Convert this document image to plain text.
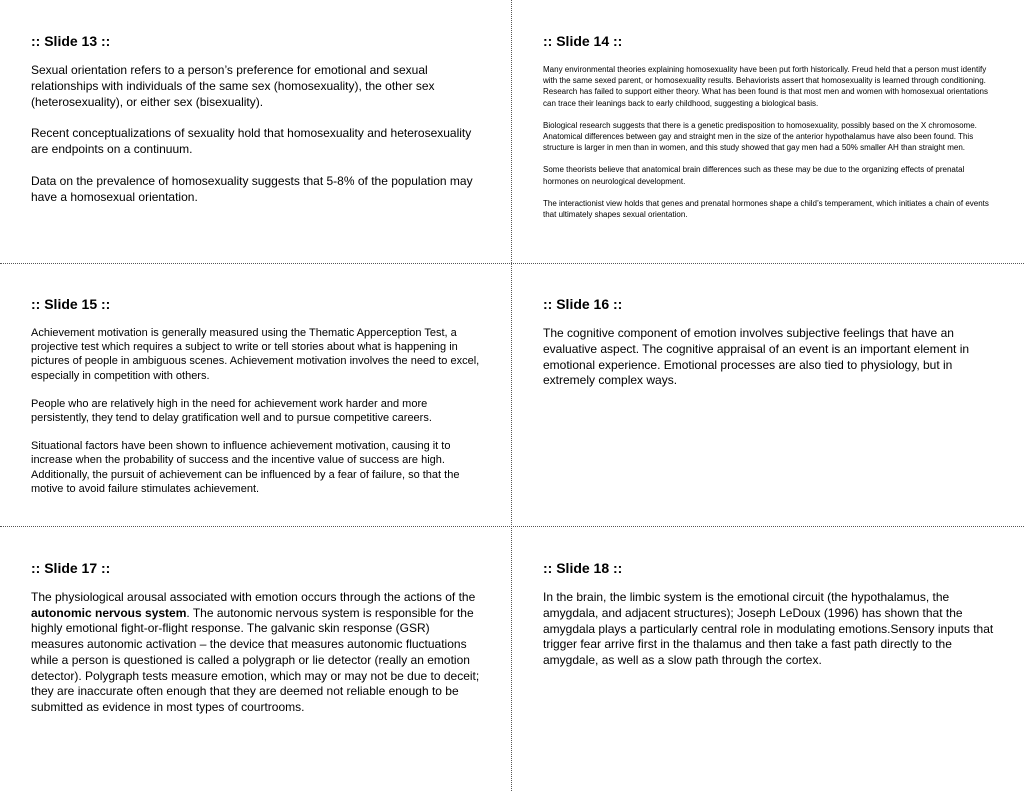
:: Slide 13 ::

Sexual orientation refers to a person’s preference for emotional and sexual relationships with individuals of the same sex (homosexuality), the other sex (heterosexuality), or either sex (bisexuality).

Recent conceptualizations of sexuality hold that homosexuality and heterosexuality are endpoints on a continuum.

Data on the prevalence of homosexuality suggests that 5-8% of the population may have a homosexual orientation.

:: Slide 14 ::

Many environmental theories explaining homosexuality have been put forth historically. Freud held that a person must identify with the same sexed parent, or homosexuality results. Behaviorists assert that homosexuality is learned through conditioning. Research has failed to support either theory. What has been found is that most men and women with homosexual orientations can trace their leanings back to early childhood, suggesting a biological basis.

Biological research suggests that there is a genetic predisposition to homosexuality, possibly based on the X chromosome. Anatomical differences between gay and straight men in the size of the anterior hypothalamus have also been found. This structure is larger in men than in women, and this study showed that gay men had a 50% smaller AH than straight men.

Some theorists believe that anatomical brain differences such as these may be due to the organizing effects of prenatal hormones on neurological development.

The interactionist view holds that genes and prenatal hormones shape a child’s temperament, which initiates a chain of events that ultimately shapes sexual orientation.

:: Slide 15 ::

Achievement motivation is generally measured using the Thematic Apperception Test, a projective test which requires a subject to write or tell stories about what is happening in pictures of people in ambiguous scenes. Achievement motivation involves the need to excel, especially in competition with others.

People who are relatively high in the need for achievement work harder and more persistently, they tend to delay gratification well and to pursue competitive careers.

Situational factors have been shown to influence achievement motivation, causing it to increase when the probability of success and the incentive value of success are high. Additionally, the pursuit of achievement can be influenced by a fear of failure, so that the motive to avoid failure stimulates achievement.

:: Slide 16 ::

The cognitive component of emotion involves subjective feelings that have an evaluative aspect. The cognitive appraisal of an event is an important element in emotional experience. Emotional processes are also tied to physiology, but in extremely complex ways.

:: Slide 17 ::

The physiological arousal associated with emotion occurs through the actions of the autonomic nervous system. The autonomic nervous system is responsible for the highly emotional fight-or-flight response. The galvanic skin response (GSR) measures autonomic activation – the device that measures autonomic fluctuations while a person is questioned is called a polygraph or lie detector (really an emotion detector). Polygraph tests measure emotion, which may or may not be due to deceit; they are inaccurate often enough that they are deemed not reliable enough to be submitted as evidence in most types of courtrooms.

:: Slide 18 ::

In the brain, the limbic system is the emotional circuit (the hypothalamus, the amygdala, and adjacent structures); Joseph LeDoux (1996) has shown that the amygdala plays a particularly central role in modulating emotions.Sensory inputs that trigger fear arrive first in the thalamus and then take a fast path directly to the amygdale, as well as a slow path through the cortex.
